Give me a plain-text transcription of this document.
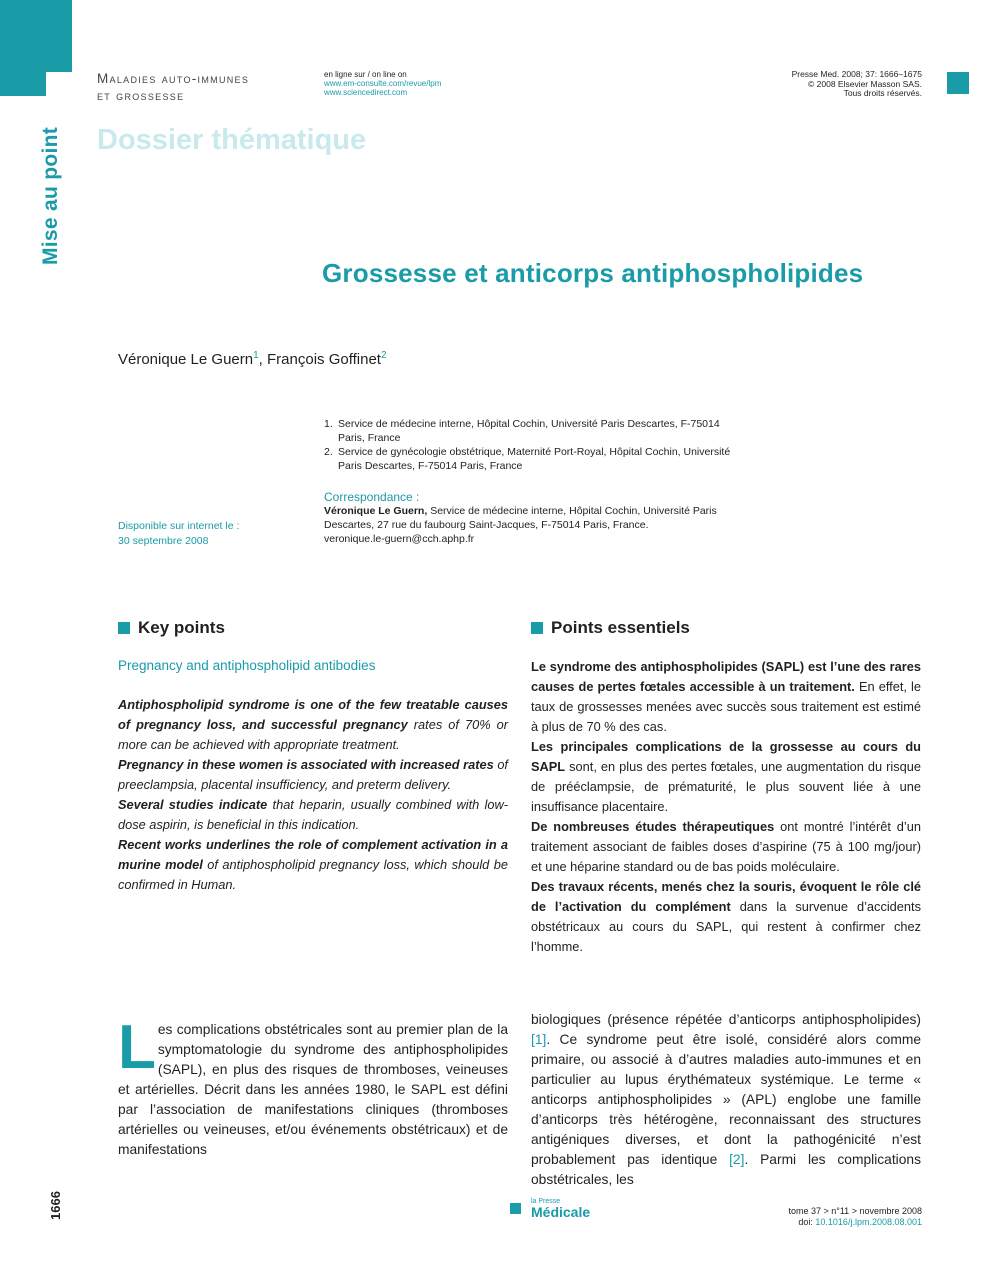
Mise au point
Maladies auto-immunes
et grossesse
Dossier thématique
en ligne sur / on line on
www.em-consulte.com/revue/lpm
www.sciencedirect.com
Presse Med. 2008; 37: 1666–1675
© 2008 Elsevier Masson SAS.
Tous droits réservés.
Grossesse et anticorps antiphospholipides
Véronique Le Guern$^1$, François Goffinet$^2$
1. Service de médecine interne, Hôpital Cochin, Université Paris Descartes, F-75014 Paris, France
2. Service de gynécologie obstétrique, Maternité Port-Royal, Hôpital Cochin, Université Paris Descartes, F-75014 Paris, France
Correspondance :
Véronique Le Guern, Service de médecine interne, Hôpital Cochin, Université Paris Descartes, 27 rue du faubourg Saint-Jacques, F-75014 Paris, France.
veronique.le-guern@cch.aphp.fr
Disponible sur internet le :
30 septembre 2008
Key points
Pregnancy and antiphospholipid antibodies

Antiphospholipid syndrome is one of the few treatable causes of pregnancy loss, and successful pregnancy rates of 70% or more can be achieved with appropriate treatment.

Pregnancy in these women is associated with increased rates of preeclampsia, placental insufficiency, and preterm delivery.

Several studies indicate that heparin, usually combined with low-dose aspirin, is beneficial in this indication.

Recent works underlines the role of complement activation in a murine model of antiphospholipid pregnancy loss, which should be confirmed in Human.

Points essentiels

Le syndrome des antiphospholipides (SAPL) est l’une des rares causes de pertes fœtales accessible à un traitement. En effet, le taux de grossesses menées avec succès sous traitement est estimé à plus de 70 % des cas.

Les principales complications de la grossesse au cours du SAPL sont, en plus des pertes fœtales, une augmentation du risque de prééclampsie, de prématurité, le plus souvent liée à une insuffisance placentaire.

De nombreuses études thérapeutiques ont montré l’intérêt d’un traitement associant de faibles doses d’aspirine (75 à 100 mg/jour) et une héparine standard ou de bas poids moléculaire.

Des travaux récents, menés chez la souris, évoquent le rôle clé de l’activation du complément dans la survenue d’accidents obstétricaux au cours du SAPL, qui restent à confirmer chez l’homme.

Les complications obstétricales sont au premier plan de la symptomatologie du syndrome des antiphospholipides (SAPL), en plus des risques de thromboses, veineuses et artérielles. Décrit dans les années 1980, le SAPL est défini par l’association de manifestations cliniques (thromboses artérielles ou veineuses, et/ou événements obstétricaux) et de manifestations
biologiques (présence répétée d’anticorps antiphospholipides) [1]. Ce syndrome peut être isolé, considéré alors comme primaire, ou associé à d’autres maladies auto-immunes et en particulier au lupus érythémateux systémique. Le terme « anticorps antiphospholipides » (APL) englobe une famille d’anticorps très hétérogène, reconnaissant des structures antigéniques diverses, et dont la pathogénicité n’est probablement pas identique [2]. Parmi les complications obstétricales, les
1666	la Presse
Médicale	tome 37 > n°11 > novembre 2008
doi: 10.1016/j.lpm.2008.08.001
